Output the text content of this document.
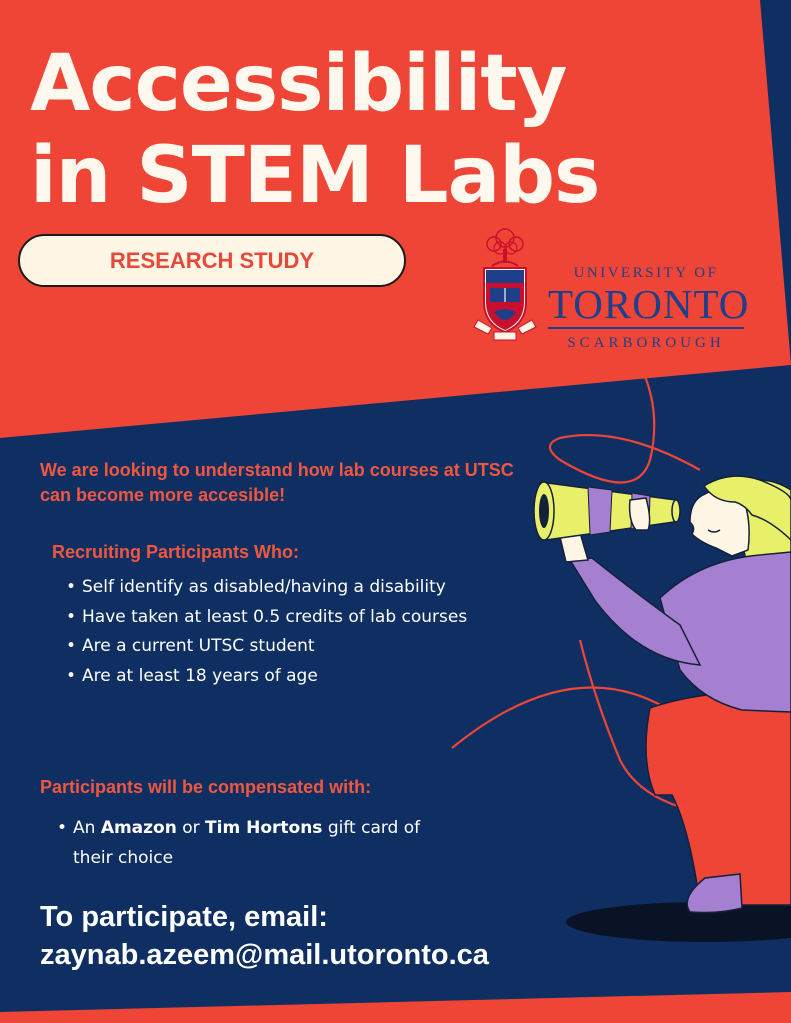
Accessibility
in STEM Labs
RESEARCH STUDY	UNIVERSITY OF
TORONTO
SCARBOROUGH

We are looking to understand how lab courses at UTSC can become more accesible!

Recruiting Participants Who:
• Self identify as disabled/having a disability
• Have taken at least 0.5 credits of lab courses
• Are a current UTSC student
• Are at least 18 years of age
Participants will be compensated with:
• An Amazon or Tim Hortons gift card of their choice

To participate, email:
zaynab.azeem@mail.utoronto.ca
